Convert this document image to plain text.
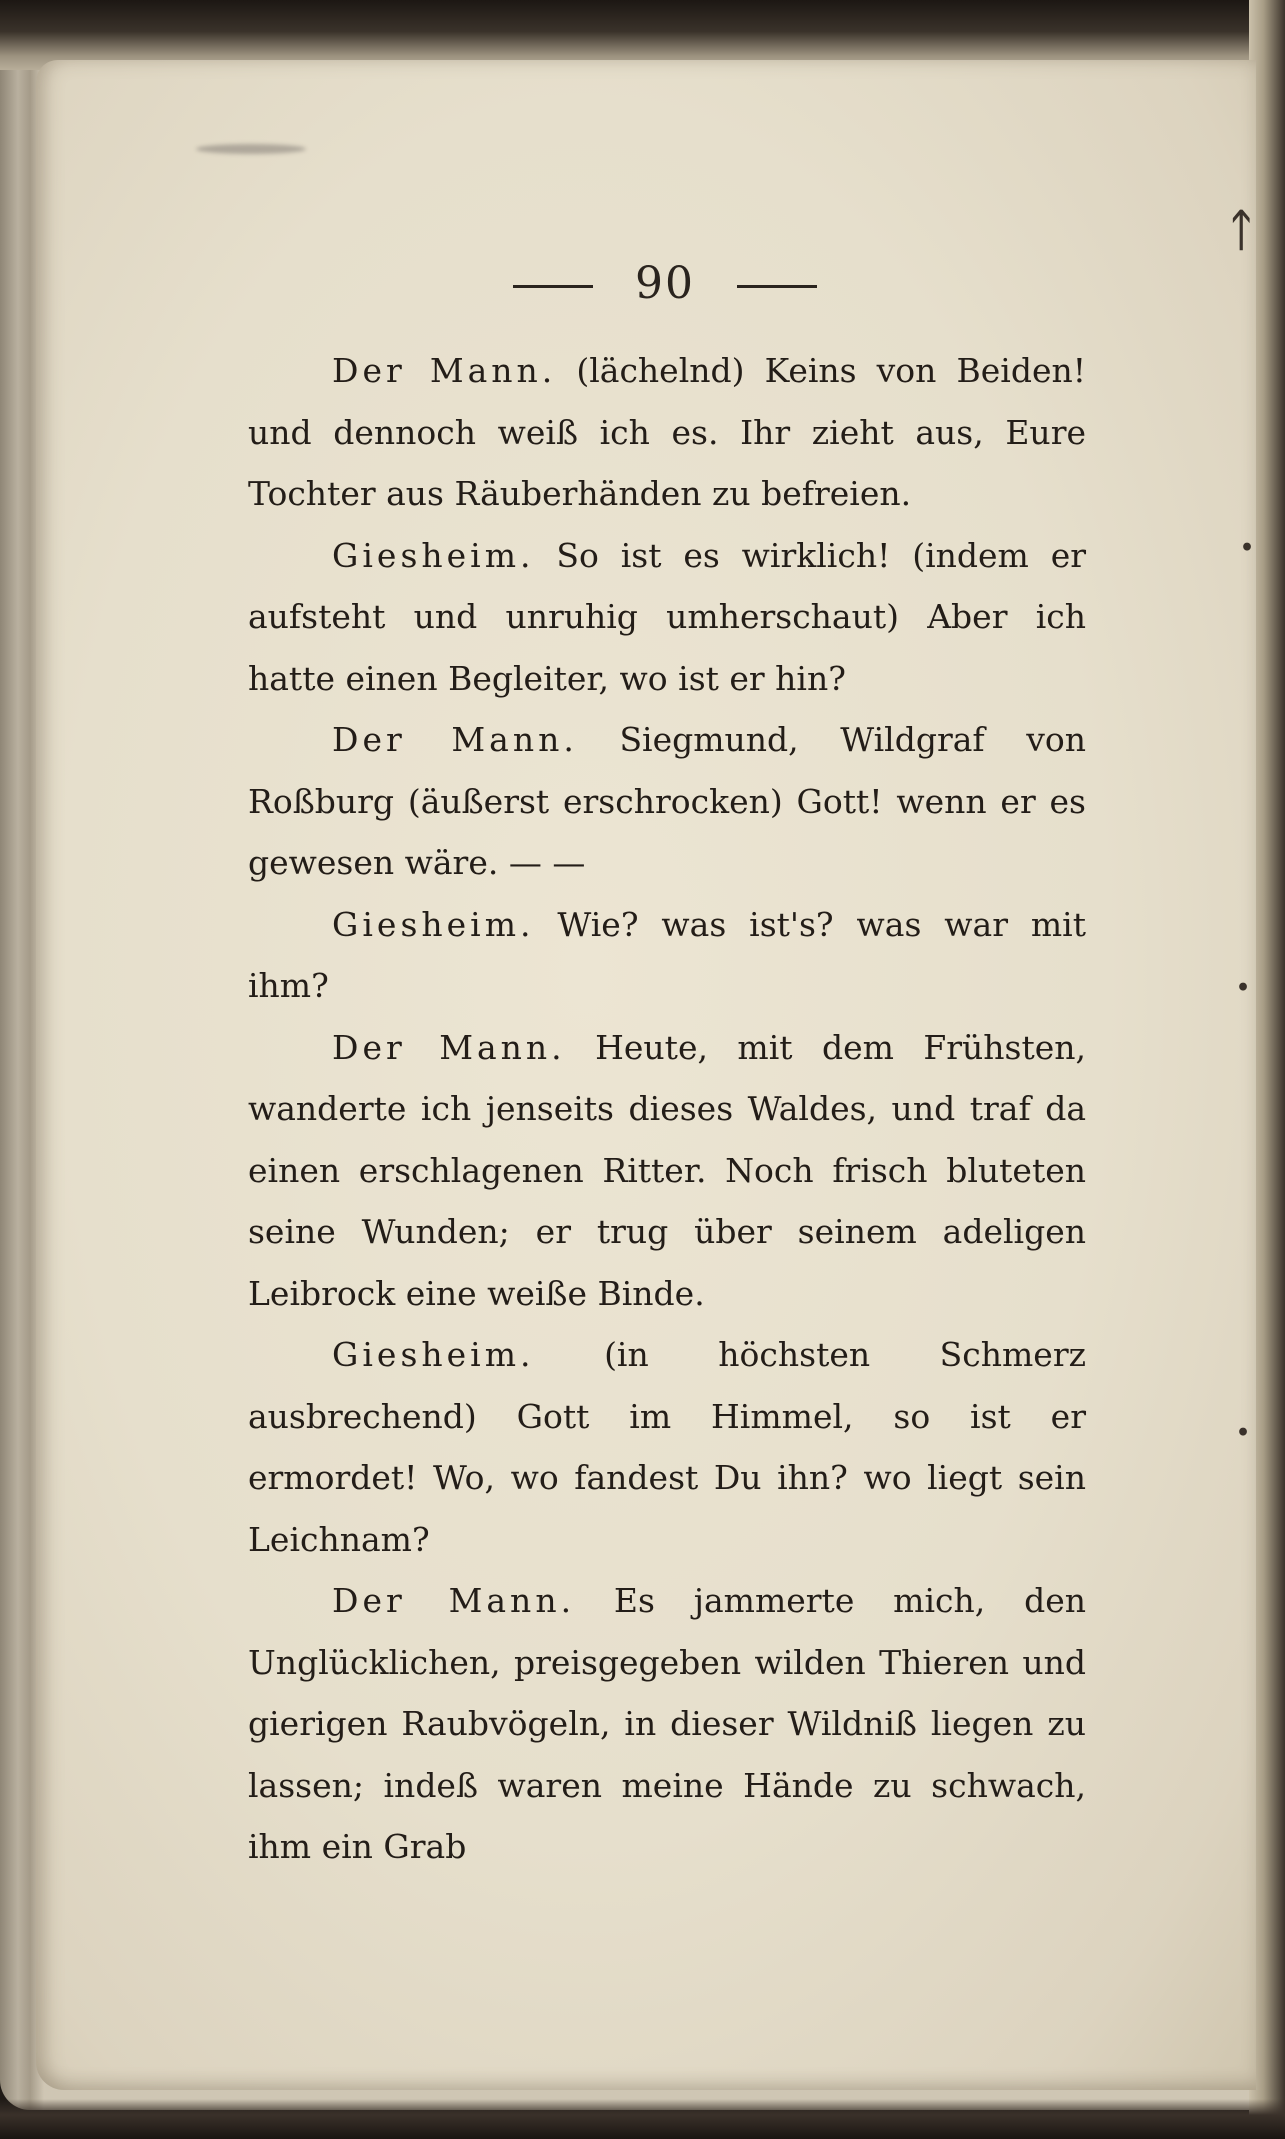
ᛏ
•
•
•
90

Der Mann. (lächelnd) Keins von Beiden! und dennoch weiß ich es. Ihr zieht aus, Eure Tochter aus Räuberhänden zu befreien.

Giesheim. So ist es wirklich! (indem er aufsteht und unruhig umherschaut) Aber ich hatte einen Begleiter, wo ist er hin?

Der Mann. Siegmund, Wildgraf von Roßburg (äußerst erschrocken) Gott! wenn er es gewesen wäre. — —

Giesheim. Wie? was ist's? was war mit ihm?

Der Mann. Heute, mit dem Frühsten, wanderte ich jenseits dieses Waldes, und traf da einen erschlagenen Ritter. Noch frisch bluteten seine Wunden; er trug über seinem adeligen Leibrock eine weiße Binde.

Giesheim. (in höchsten Schmerz ausbrechend) Gott im Himmel, so ist er ermordet! Wo, wo fandest Du ihn? wo liegt sein Leichnam?

Der Mann. Es jammerte mich, den Unglücklichen, preisgegeben wilden Thieren und gierigen Raubvögeln, in dieser Wildniß liegen zu lassen; indeß waren meine Hände zu schwach, ihm ein Grab
